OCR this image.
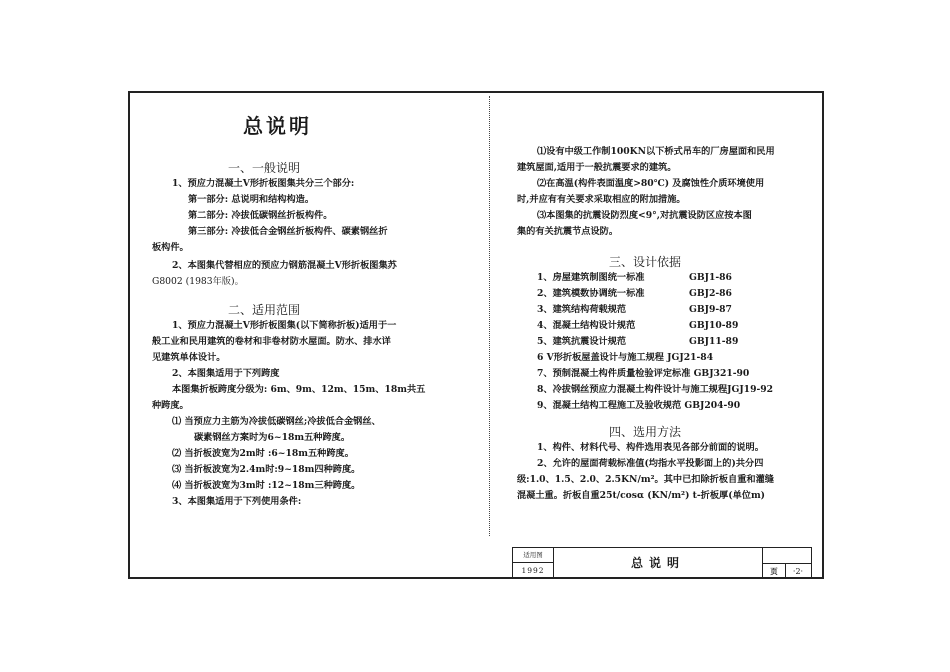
总说明

一、一般说明

1、预应力混凝土V形折板图集共分三个部分:

第一部分: 总说明和结构构造。

第二部分: 冷拔低碳钢丝折板构件。

第三部分: 冷拔低合金钢丝折板构件、碳素钢丝折

板构件。

2、本图集代替相应的预应力钢筋混凝土V形折板图集苏

G8002 (1983年版)。

二、适用范围

1、预应力混凝土V形折板图集(以下简称折板)适用于一

般工业和民用建筑的卷材和非卷材防水屋面。防水、排水详

见建筑单体设计。

2、本图集适用于下列跨度

本图集折板跨度分级为: 6m、9m、12m、15m、18m共五

种跨度。

⑴ 当预应力主筋为冷拔低碳钢丝;冷拔低合金钢丝、

碳素钢丝方案时为6~18m五种跨度。

⑵ 当折板波宽为2m时 :6~18m五种跨度。

⑶ 当折板波宽为2.4m时:9~18m四种跨度。

⑷ 当折板波宽为3m时 :12~18m三种跨度。

3、本图集适用于下列使用条件:

⑴设有中级工作制100KN以下桥式吊车的厂房屋面和民用

建筑屋面,适用于一般抗震要求的建筑。

⑵在高温(构件表面温度>80℃) 及腐蚀性介质环境使用

时,并应有有关要求采取相应的附加措施。

⑶本图集的抗震设防烈度<9°,对抗震设防区应按本图

集的有关抗震节点设防。

三、设计依据

1、房屋建筑制图统一标准	GBJ1-86
2、建筑模数协调统一标准	GBJ2-86
3、建筑结构荷载规范	GBJ9-87
4、混凝土结构设计规范	GBJ10-89
5、建筑抗震设计规范	GBJ11-89

6 V形折板屋盖设计与施工规程 JGJ21-84

7、预制混凝土构件质量检验评定标准 GBJ321-90

8、冷拔钢丝预应力混凝土构件设计与施工规程JGJ19-92

9、混凝土结构工程施工及验收规范 GBJ204-90

四、选用方法

1、构件、材料代号、构件选用表见各部分前面的说明。

2、允许的屋面荷载标准值(均指水平投影面上的)共分四

级:1.0、1.5、2.0、2.5KN/m²。其中已扣除折板自重和灌缝

混凝土重。折板自重25t/cosα (KN/m²) t-折板厚(单位m)

适用图
1992
总说明
页	·2·
